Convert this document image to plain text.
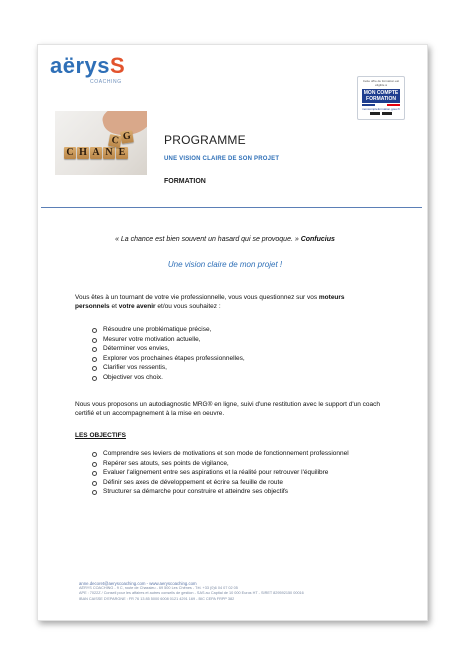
aërysS
COACHING	Cette offre de formation est éligible à
MON COMPTE FORMATION
moncompteformation.gouv.fr
C H A N E
G
C	PROGRAMME
UNE VISION CLAIRE DE SON PROJET
FORMATION
« La chance est bien souvent un hasard qui se provoque. » Confucius
Une vision claire de mon projet !
Vous êtes à un tournant de votre vie professionnelle, vous vous questionnez sur vos moteurs personnels et votre avenir et/ou vous souhaitez :
Résoudre une problématique précise,
Mesurer votre motivation actuelle,
Déterminer vos envies,
Explorer vos prochaines étapes professionnelles,
Clarifier vos ressentis,
Objectiver vos choix.
Nous vous proposons un autodiagnostic MRG® en ligne, suivi d'une restitution avec le support d'un coach certifié et un accompagnement à la mise en oeuvre.
LES OBJECTIFS
Comprendre ses leviers de motivations et son mode de fonctionnement professionnel
Repérer ses atouts, ses points de vigilance,
Evaluer l'alignement entre ses aspirations et la réalité pour retrouver l'équilibre
Définir ses axes de développement et écrire sa feuille de route
Structurer sa démarche pour construire et atteindre ses objectifs
anne.decoret@aeryscoaching.com - www.aeryscoaching.com
AËRYS COACHING - 9 C, route de Chassieu - 69 500 Les Chênes - Tél. +33 (0)6 04 07 02 05
APE : 7022Z / Conseil pour les affaires et autres conseils de gestion - SAS au Capital de 10 000 Euros HT - SIRET 829592150 00016
IBAN CAISSE D'EPARGNE : FR 76 13 85 5000 6008 0121 4291 169 - BIC CEPA FRPP 382
